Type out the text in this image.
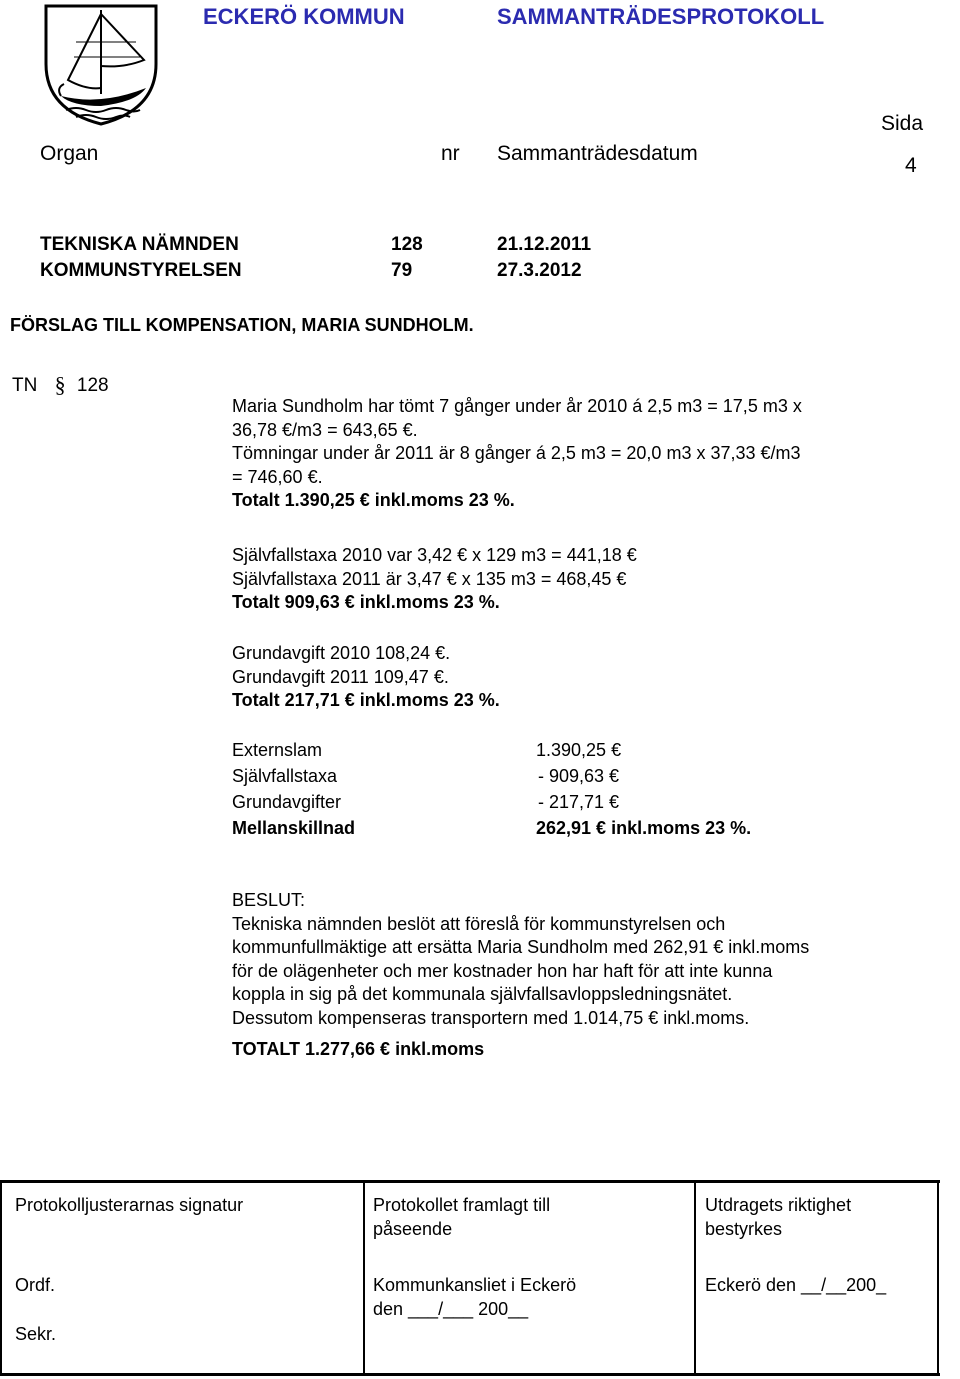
ECKERÖ KOMMUN	SAMMANTRÄDESPROTOKOLL
Organ	nr Sammanträdesdatum
Sida
4
TEKNISKA NÄMNDEN	128	21.12.2011
KOMMUNSTYRELSEN	79	27.3.2012
FÖRSLAG TILL KOMPENSATION, MARIA SUNDHOLM.
TN § 128
Maria Sundholm har tömt 7 gånger under år 2010 á 2,5 m3 = 17,5 m3 x
36,78 €/m3 = 643,65 €.
Tömningar under år 2011 är 8 gånger á 2,5 m3 = 20,0 m3 x 37,33 €/m3
= 746,60 €.
Totalt 1.390,25 € inkl.moms 23 %.
Självfallstaxa 2010 var 3,42 € x 129 m3 = 441,18 €
Självfallstaxa 2011 är 3,47 € x 135 m3 = 468,45 €
Totalt 909,63 € inkl.moms 23 %.
Grundavgift 2010 108,24 €.
Grundavgift 2011 109,47 €.
Totalt 217,71 € inkl.moms 23 %.
Externslam	1.390,25 €
Självfallstaxa	- 909,63 €
Grundavgifter	- 217,71 €
Mellanskillnad	262,91 € inkl.moms 23 %.
BESLUT:
Tekniska nämnden beslöt att föreslå för kommunstyrelsen och
kommunfullmäktige att ersätta Maria Sundholm med 262,91 € inkl.moms
för de olägenheter och mer kostnader hon har haft för att inte kunna
koppla in sig på det kommunala självfallsavloppsledningsnätet.
Dessutom kompenseras transportern med 1.014,75 € inkl.moms.
TOTALT 1.277,66 € inkl.moms
Protokolljusterarnas signatur
Ordf.
Sekr.
Protokollet framlagt till
påseende
Kommunkansliet i Eckerö
den ___/___ 200__
Utdragets riktighet
bestyrkes
Eckerö den __/__200_
